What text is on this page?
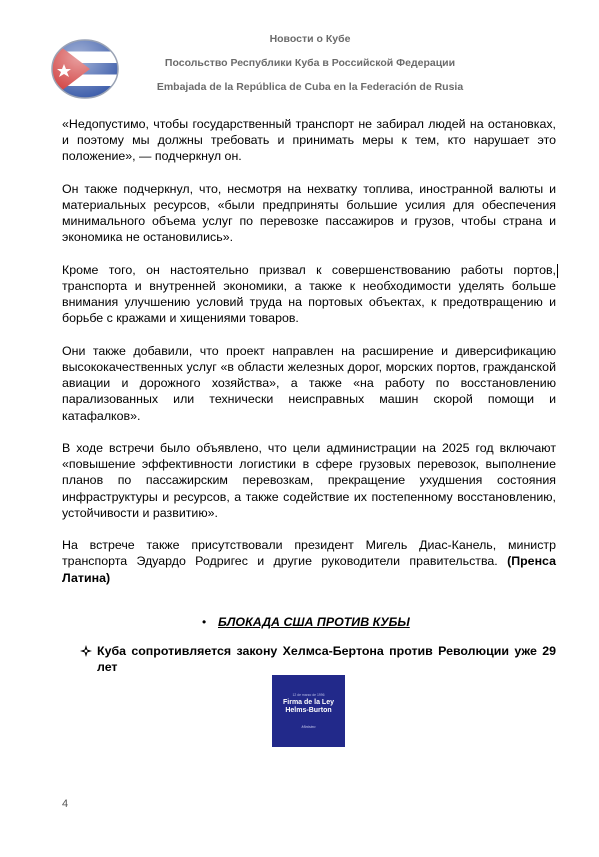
Новости о Кубе
Посольство Республики Куба в Российской Федерации
Embajada de la República de Cuba en la Federación de Rusia

«Недопустимо, чтобы государственный транспорт не забирал людей на остановках, и поэтому мы должны требовать и принимать меры к тем, кто нарушает это положение», — подчеркнул он.

Он также подчеркнул, что, несмотря на нехватку топлива, иностранной валюты и материальных ресурсов, «были предприняты большие усилия для обеспечения минимального объема услуг по перевозке пассажиров и грузов, чтобы страна и экономика не остановились».

Кроме того, он настоятельно призвал к совершенствованию работы портов, транспорта и внутренней экономики, а также к необходимости уделять больше внимания улучшению условий труда на портовых объектах, к предотвращению и борьбе с кражами и хищениями товаров.

Они также добавили, что проект направлен на расширение и диверсификацию высококачественных услуг «в области железных дорог, морских портов, гражданской авиации и дорожного хозяйства», а также «на работу по восстановлению парализованных или технически неисправных машин скорой помощи и катафалков».

В ходе встречи было объявлено, что цели администрации на 2025 год включают «повышение эффективности логистики в сфере грузовых перевозок, выполнение планов по пассажирским перевозкам, прекращение ухудшения состояния инфраструктуры и ресурсов, а также содействие их постепенному восстановлению, устойчивости и развитию».

На встрече также присутствовали президент Мигель Диас-Канель, министр транспорта Эдуардо Родригес и другие руководители правительства. (Пренса Латина)

• БЛОКАДА США ПРОТИВ КУБЫ
Куба сопротивляется закону Хелмса-Бертона против Революции уже 29 лет
12 de marzo de 1996
Firma de la Ley
Helms-Burton
Ministro
4
